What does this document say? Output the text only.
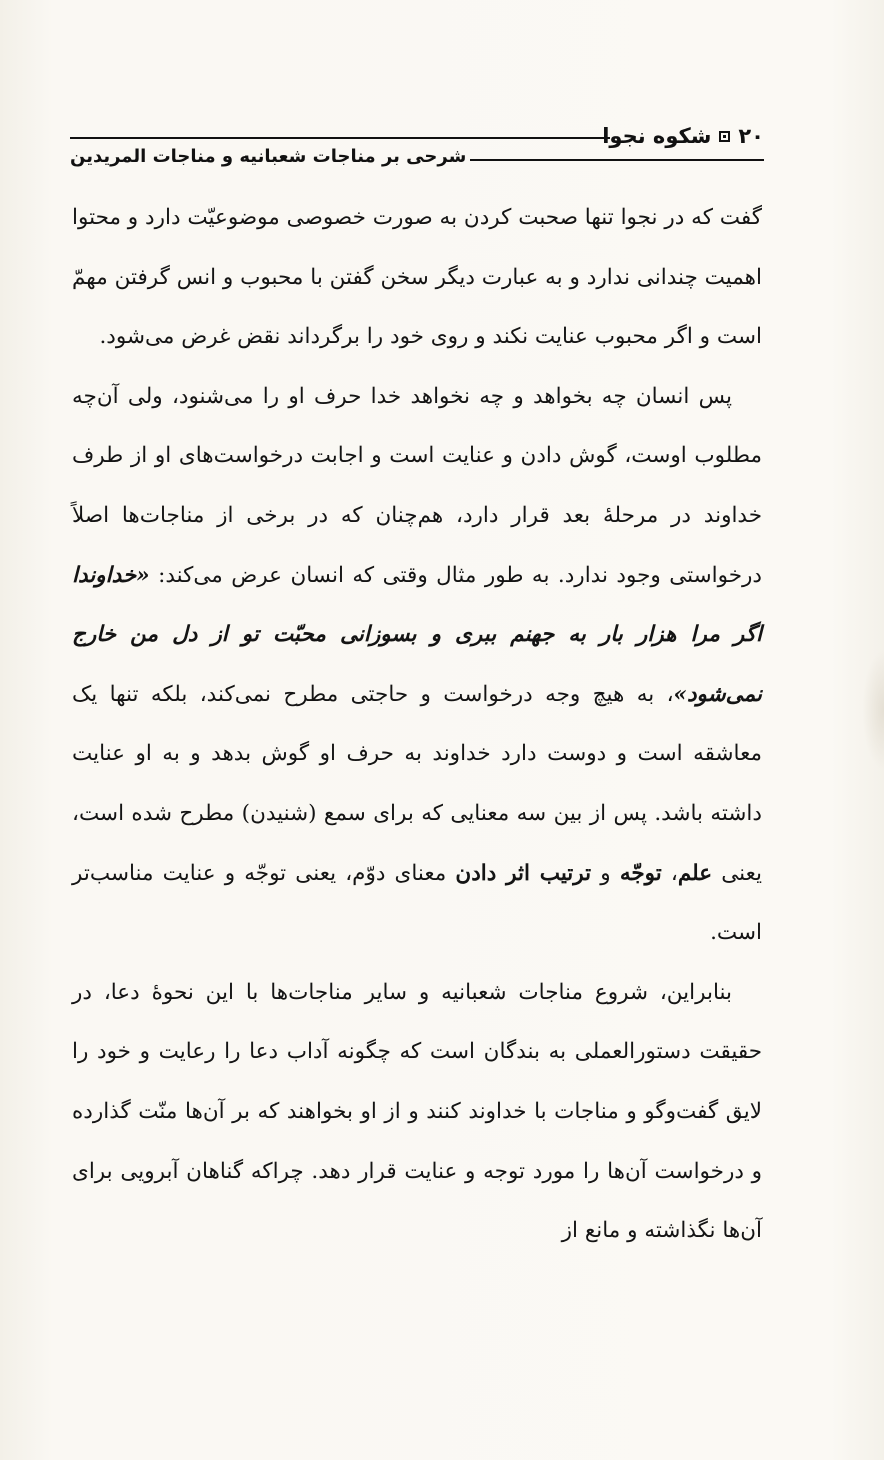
۲۰
شکوه نجوا
شرحی بر مناجات شعبانیه و مناجات المریدین

گفت که در نجوا تنها صحبت کردن به صورت خصوصی موضوعیّت دارد و محتوا اهمیت چندانی ندارد و به عبارت دیگر سخن گفتن با محبوب و انس گرفتن مهمّ است و اگر محبوب عنایت نکند و روی خود را برگرداند نقض غرض می‌شود.

پس انسان چه بخواهد و چه نخواهد خدا حرف او را می‌شنود، ولی آن‌چه مطلوب اوست، گوش دادن و عنایت است و اجابت درخواست‌های او از طرف خداوند در مرحلهٔ بعد قرار دارد، هم‌چنان که در برخی از مناجات‌ها اصلاً درخواستی وجود ندارد. به طور مثال وقتی که انسان عرض می‌کند: «خداوندا اگر مرا هزار بار به جهنم ببری و بسوزانی محبّت تو از دل من خارج نمی‌شود»، به هیچ وجه درخواست و حاجتی مطرح نمی‌کند، بلکه تنها یک معاشقه است و دوست دارد خداوند به حرف او گوش بدهد و به او عنایت داشته باشد. پس از بین سه معنایی که برای سمع (شنیدن) مطرح شده است، یعنی علم، توجّه و ترتیب اثر دادن معنای دوّم، یعنی توجّه و عنایت مناسب‌تر است.

بنابراین، شروع مناجات شعبانیه و سایر مناجات‌ها با این نحوهٔ دعا، در حقیقت دستورالعملی به بندگان است که چگونه آداب دعا را رعایت و خود را لایق گفت‌وگو و مناجات با خداوند کنند و از او بخواهند که بر آن‌ها منّت گذارده و درخواست آن‌ها را مورد توجه و عنایت قرار دهد. چراکه گناهان آبرویی برای آن‌ها نگذاشته و مانع از
